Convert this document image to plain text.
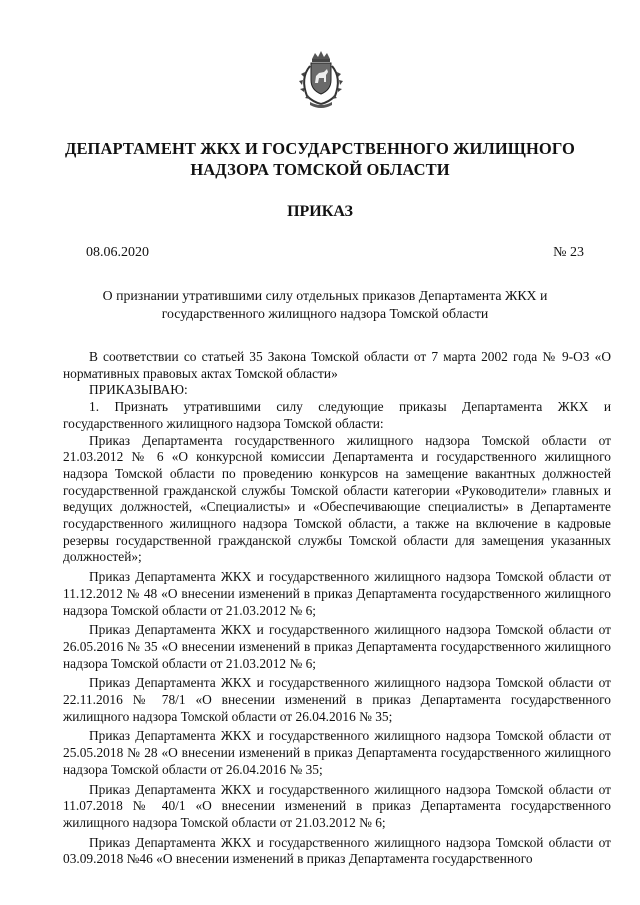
ДЕПАРТАМЕНТ ЖКХ И ГОСУДАРСТВЕННОГО ЖИЛИЩНОГО НАДЗОРА ТОМСКОЙ ОБЛАСТИ
ПРИКАЗ
08.06.2020	№ 23
О признании утратившими силу отдельных приказов Департамента ЖКХ и государственного жилищного надзора Томской области

В соответствии со статьей 35 Закона Томской области от 7 марта 2002 года № 9-ОЗ «О нормативных правовых актах Томской области»

ПРИКАЗЫВАЮ:

1. Признать утратившими силу следующие приказы Департамента ЖКХ и государственного жилищного надзора Томской области:

Приказ Департамента государственного жилищного надзора Томской области от 21.03.2012 № 6 «О конкурсной комиссии Департамента и государственного жилищного надзора Томской области по проведению конкурсов на замещение вакантных должностей государственной гражданской службы Томской области категории «Руководители» главных и ведущих должностей, «Специалисты» и «Обеспечивающие специалисты» в Департаменте государственного жилищного надзора Томской области, а также на включение в кадровые резервы государственной гражданской службы Томской области для замещения указанных должностей»;

Приказ Департамента ЖКХ и государственного жилищного надзора Томской области от 11.12.2012 № 48 «О внесении изменений в приказ Департамента государственного жилищного надзора Томской области от 21.03.2012 № 6;

Приказ Департамента ЖКХ и государственного жилищного надзора Томской области от 26.05.2016 № 35 «О внесении изменений в приказ Департамента государственного жилищного надзора Томской области от 21.03.2012 № 6;

Приказ Департамента ЖКХ и государственного жилищного надзора Томской области от 22.11.2016 № 78/1 «О внесении изменений в приказ Департамента государственного жилищного надзора Томской области от 26.04.2016 № 35;

Приказ Департамента ЖКХ и государственного жилищного надзора Томской области от 25.05.2018 № 28 «О внесении изменений в приказ Департамента государственного жилищного надзора Томской области от 26.04.2016 № 35;

Приказ Департамента ЖКХ и государственного жилищного надзора Томской области от 11.07.2018 № 40/1 «О внесении изменений в приказ Департамента государственного жилищного надзора Томской области от 21.03.2012 № 6;

Приказ Департамента ЖКХ и государственного жилищного надзора Томской области от 03.09.2018 №46 «О внесении изменений в приказ Департамента государственного
